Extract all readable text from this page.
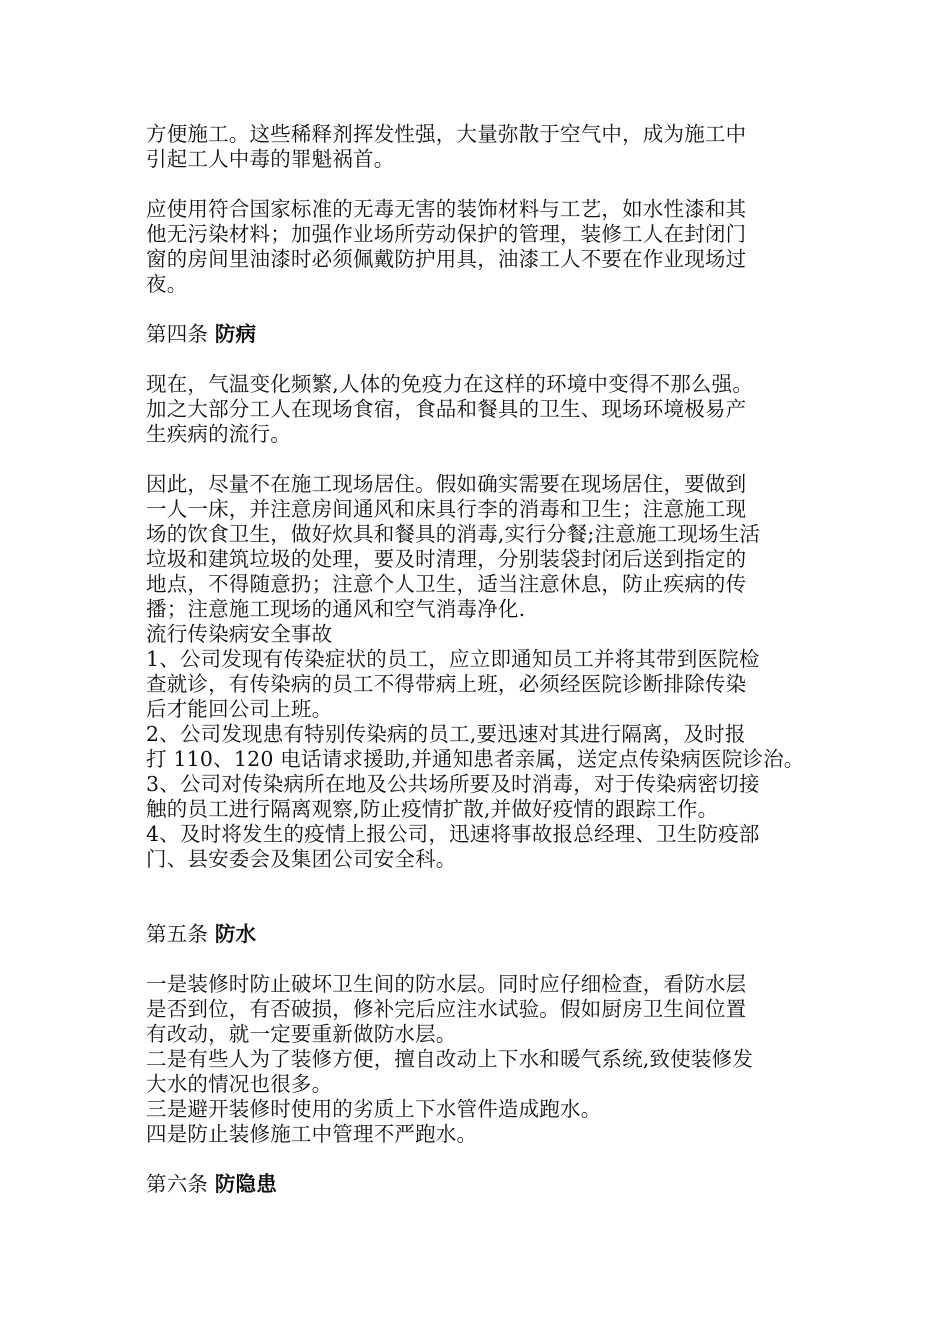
方便施工。这些稀释剂挥发性强，大量弥散于空气中，成为施工中
引起工人中毒的罪魁祸首。
应使用符合国家标准的无毒无害的装饰材料与工艺，如水性漆和其
他无污染材料；加强作业场所劳动保护的管理，装修工人在封闭门
窗的房间里油漆时必须佩戴防护用具，油漆工人不要在作业现场过
夜。
第四条 防病
现在，气温变化频繁,人体的免疫力在这样的环境中变得不那么强。
加之大部分工人在现场食宿，食品和餐具的卫生、现场环境极易产
生疾病的流行。
因此，尽量不在施工现场居住。假如确实需要在现场居住，要做到
一人一床，并注意房间通风和床具行李的消毒和卫生；注意施工现
场的饮食卫生，做好炊具和餐具的消毒,实行分餐;注意施工现场生活
垃圾和建筑垃圾的处理，要及时清理，分别装袋封闭后送到指定的
地点，不得随意扔；注意个人卫生，适当注意休息，防止疾病的传
播；注意施工现场的通风和空气消毒净化.
流行传染病安全事故
1、公司发现有传染症状的员工，应立即通知员工并将其带到医院检
查就诊，有传染病的员工不得带病上班，必须经医院诊断排除传染
后才能回公司上班。
2、公司发现患有特别传染病的员工,要迅速对其进行隔离，及时报
打 110、120 电话请求援助,并通知患者亲属，送定点传染病医院诊治。
3、公司对传染病所在地及公共场所要及时消毒，对于传染病密切接
触的员工进行隔离观察,防止疫情扩散,并做好疫情的跟踪工作。
4、及时将发生的疫情上报公司，迅速将事故报总经理、卫生防疫部
门、县安委会及集团公司安全科。
第五条 防水
一是装修时防止破坏卫生间的防水层。同时应仔细检查，看防水层
是否到位，有否破损，修补完后应注水试验。假如厨房卫生间位置
有改动，就一定要重新做防水层。
二是有些人为了装修方便，擅自改动上下水和暖气系统,致使装修发
大水的情况也很多。
三是避开装修时使用的劣质上下水管件造成跑水。
四是防止装修施工中管理不严跑水。
第六条 防隐患
